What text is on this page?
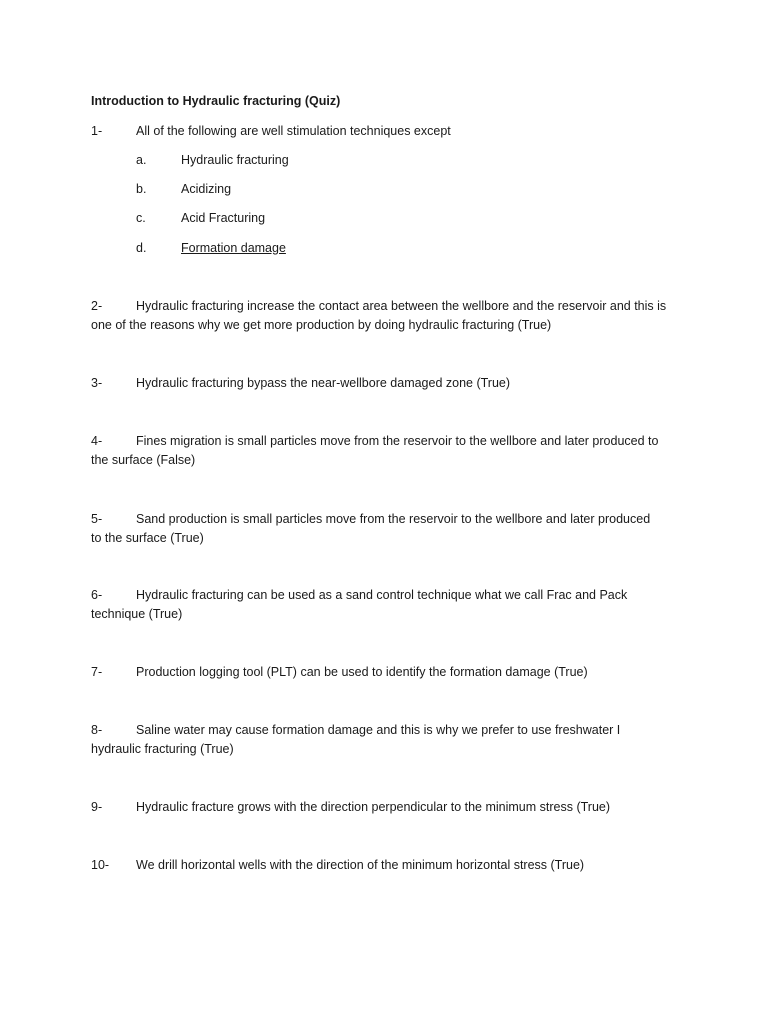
Introduction to Hydraulic fracturing (Quiz)
1-	All of the following are well stimulation techniques except
a.	Hydraulic fracturing
b.	Acidizing
c.	Acid Fracturing
d.	Formation damage
2-	Hydraulic fracturing increase the contact area between the wellbore and the reservoir and this is
one of the reasons why we get more production by doing hydraulic fracturing (True)
3-	Hydraulic fracturing bypass the near-wellbore damaged zone (True)
4-	Fines migration is small particles move from the reservoir to the wellbore and later produced to
the surface (False)
5-	Sand production is small particles move from the reservoir to the wellbore and later produced
to the surface (True)
6-	Hydraulic fracturing can be used as a sand control technique what we call Frac and Pack
technique (True)
7-	Production logging tool (PLT) can be used to identify the formation damage (True)
8-	Saline water may cause formation damage and this is why we prefer to use freshwater I
hydraulic fracturing (True)
9-	Hydraulic fracture grows with the direction perpendicular to the minimum stress (True)
10- We drill horizontal wells with the direction of the minimum horizontal stress (True)
